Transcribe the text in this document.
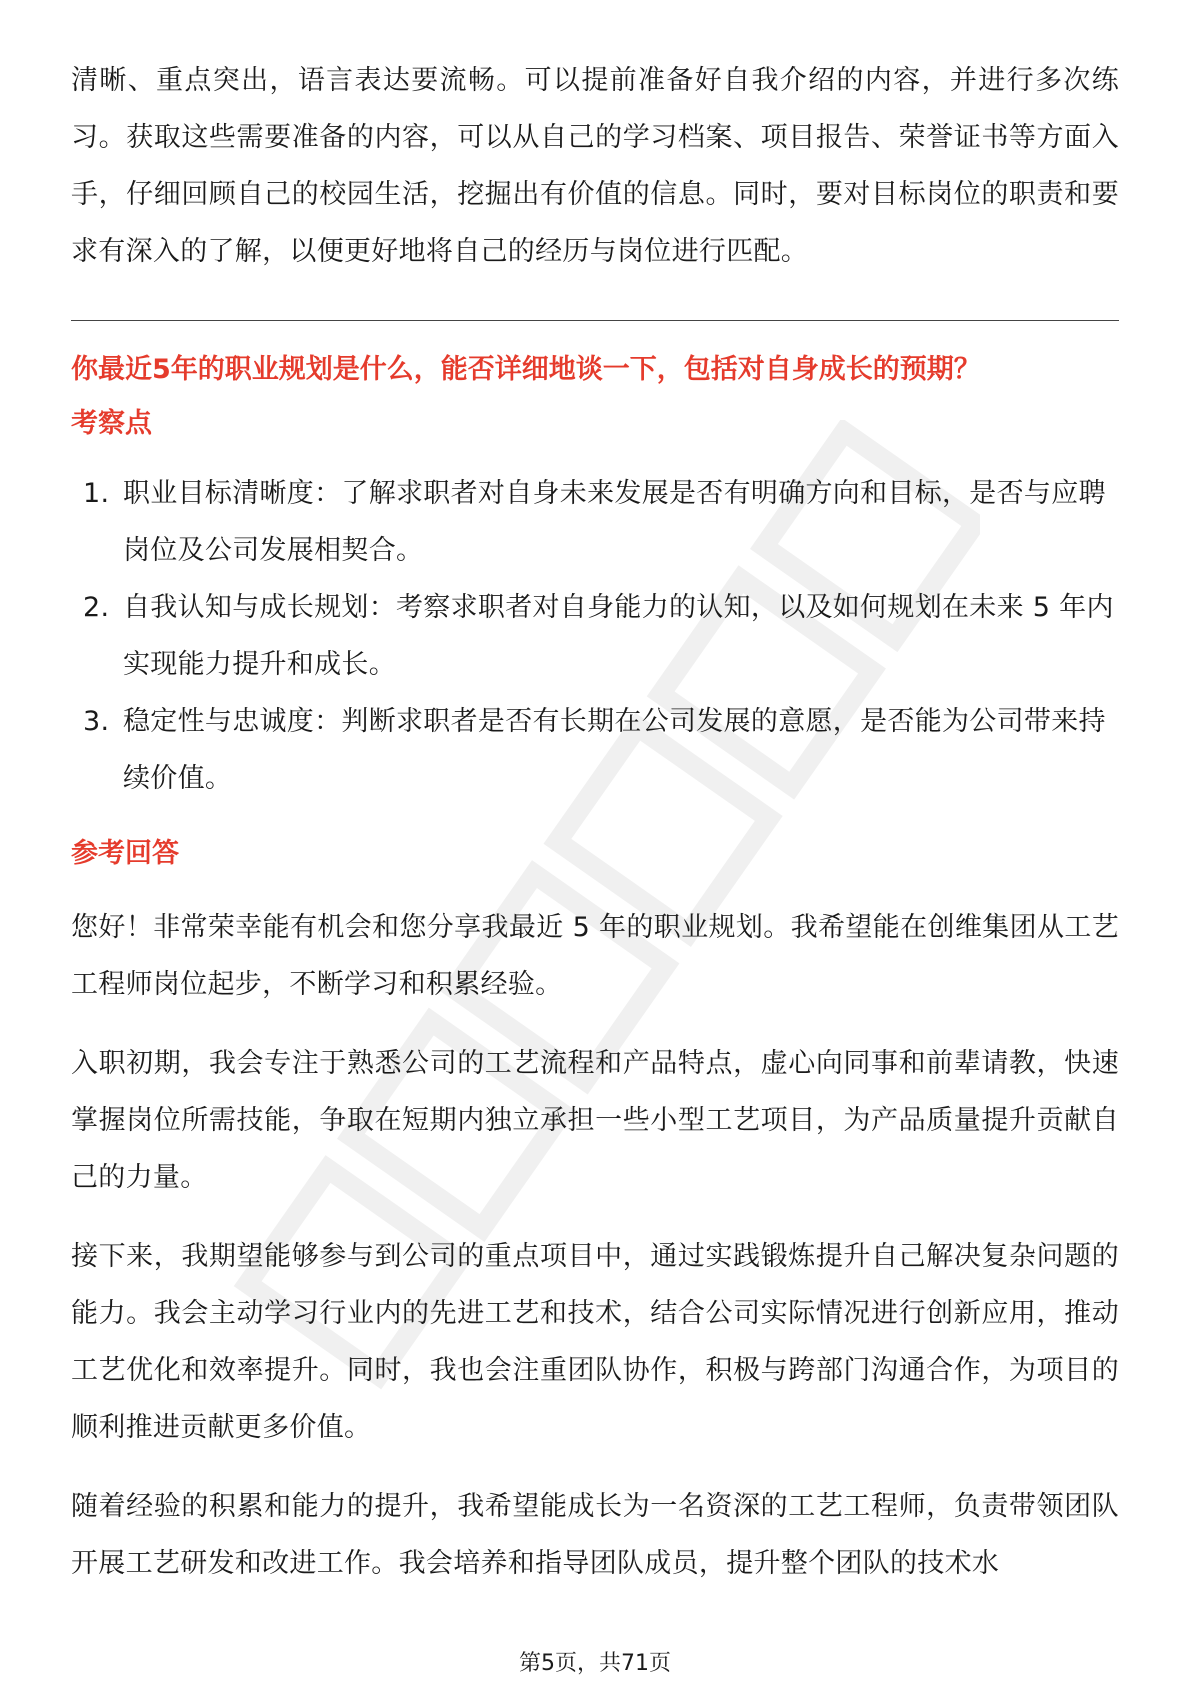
清晰、重点突出，语言表达要流畅。可以提前准备好自我介绍的内容，并进行多次练习。获取这些需要准备的内容，可以从自己的学习档案、项目报告、荣誉证书等方面入手，仔细回顾自己的校园生活，挖掘出有价值的信息。同时，要对目标岗位的职责和要求有深入的了解，以便更好地将自己的经历与岗位进行匹配。

你最近5年的职业规划是什么，能否详细地谈一下，包括对自身成长的预期？
考察点
1. 职业目标清晰度：了解求职者对自身未来发展是否有明确方向和目标，是否与应聘岗位及公司发展相契合。
2. 自我认知与成长规划：考察求职者对自身能力的认知，以及如何规划在未来 5 年内实现能力提升和成长。
3. 稳定性与忠诚度：判断求职者是否有长期在公司发展的意愿，是否能为公司带来持续价值。
参考回答

您好！非常荣幸能有机会和您分享我最近 5 年的职业规划。我希望能在创维集团从工艺工程师岗位起步，不断学习和积累经验。

入职初期，我会专注于熟悉公司的工艺流程和产品特点，虚心向同事和前辈请教，快速掌握岗位所需技能，争取在短期内独立承担一些小型工艺项目，为产品质量提升贡献自己的力量。

接下来，我期望能够参与到公司的重点项目中，通过实践锻炼提升自己解决复杂问题的能力。我会主动学习行业内的先进工艺和技术，结合公司实际情况进行创新应用，推动工艺优化和效率提升。同时，我也会注重团队协作，积极与跨部门沟通合作，为项目的顺利推进贡献更多价值。

随着经验的积累和能力的提升，我希望能成长为一名资深的工艺工程师，负责带领团队开展工艺研发和改进工作。我会培养和指导团队成员，提升整个团队的技术水

第5页，共71页
